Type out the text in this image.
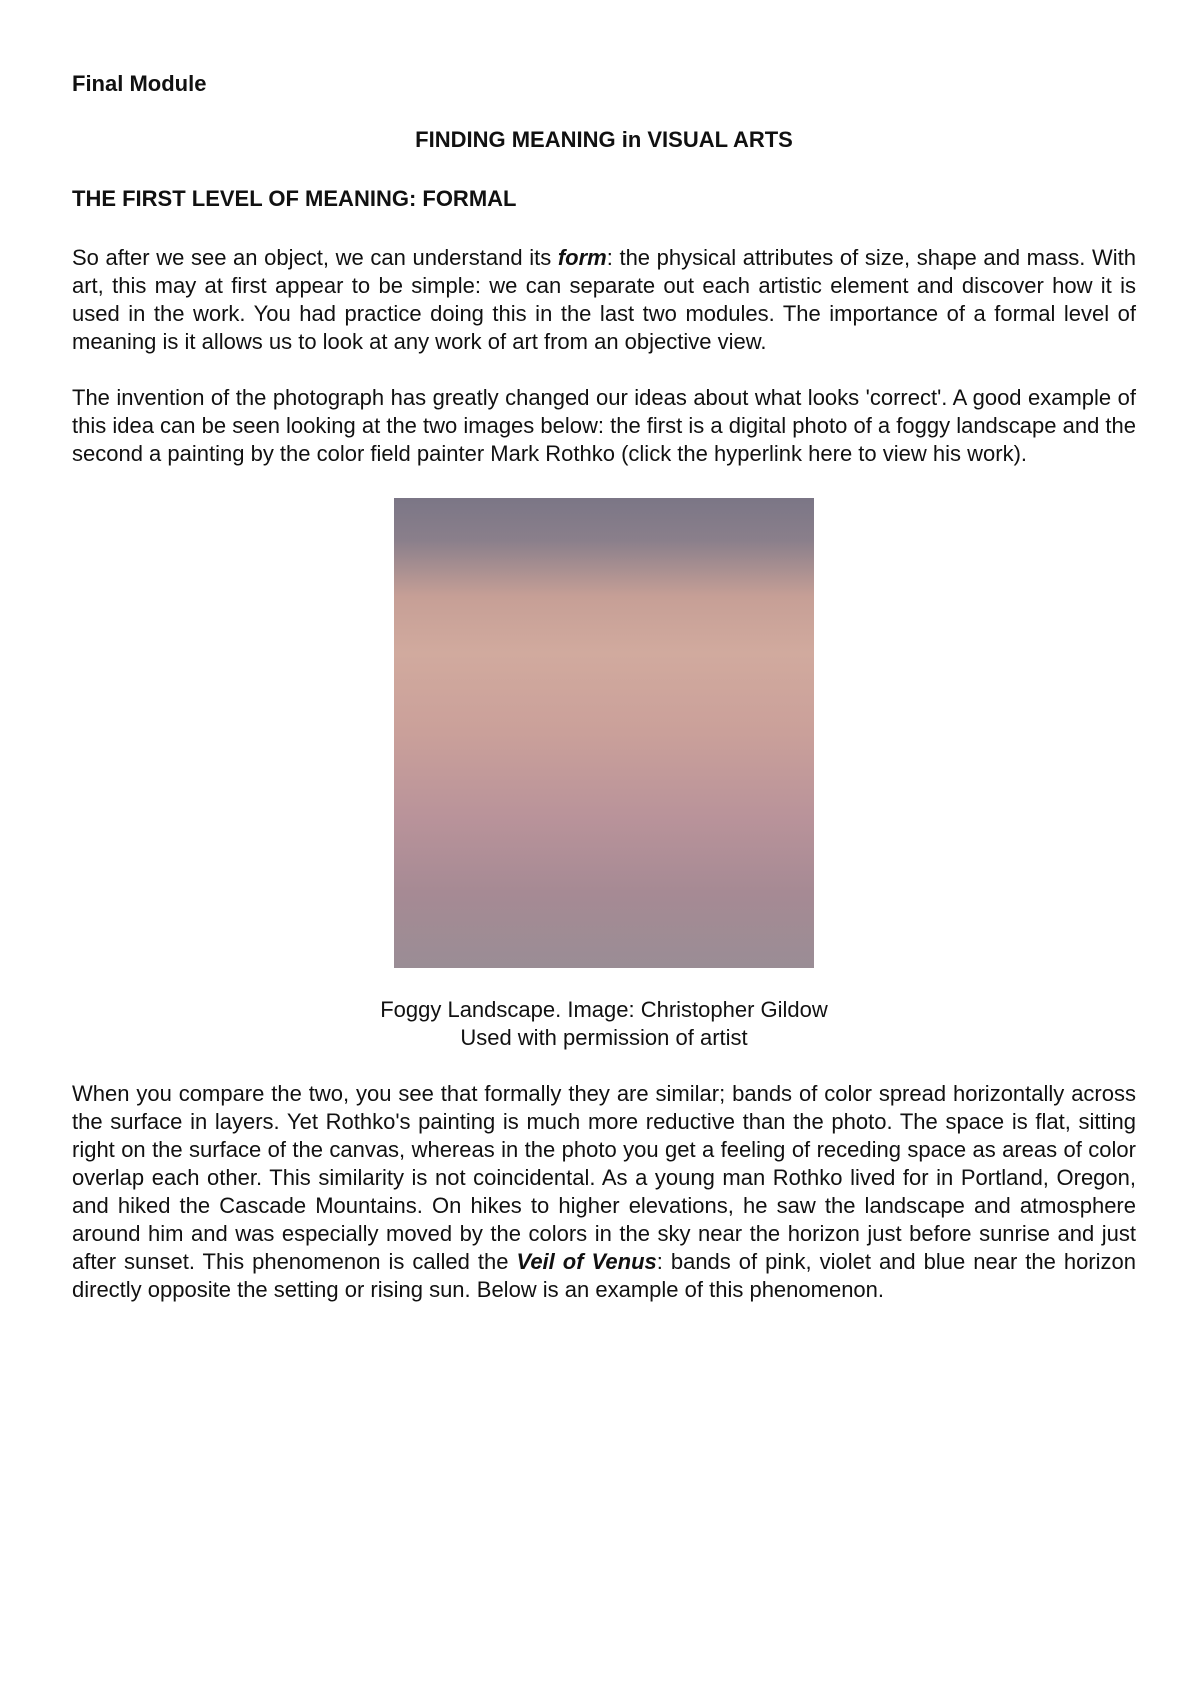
Final Module

FINDING MEANING in VISUAL ARTS
THE FIRST LEVEL OF MEANING: FORMAL

So after we see an object, we can understand its form: the physical attributes of size, shape and mass. With art, this may at first appear to be simple: we can separate out each artistic element and discover how it is used in the work. You had practice doing this in the last two modules. The importance of a formal level of meaning is it allows us to look at any work of art from an objective view.

The invention of the photograph has greatly changed our ideas about what looks 'correct'. A good example of this idea can be seen looking at the two images below: the first is a digital photo of a foggy landscape and the second a painting by the color field painter Mark Rothko (click the hyperlink here to view his work).

Foggy Landscape. Image: Christopher Gildow

Used with permission of artist

When you compare the two, you see that formally they are similar; bands of color spread horizontally across the surface in layers. Yet Rothko's painting is much more reductive than the photo. The space is flat, sitting right on the surface of the canvas, whereas in the photo you get a feeling of receding space as areas of color overlap each other. This similarity is not coincidental. As a young man Rothko lived for in Portland, Oregon, and hiked the Cascade Mountains. On hikes to higher elevations, he saw the landscape and atmosphere around him and was especially moved by the colors in the sky near the horizon just before sunrise and just after sunset. This phenomenon is called the Veil of Venus: bands of pink, violet and blue near the horizon directly opposite the setting or rising sun. Below is an example of this phenomenon.
